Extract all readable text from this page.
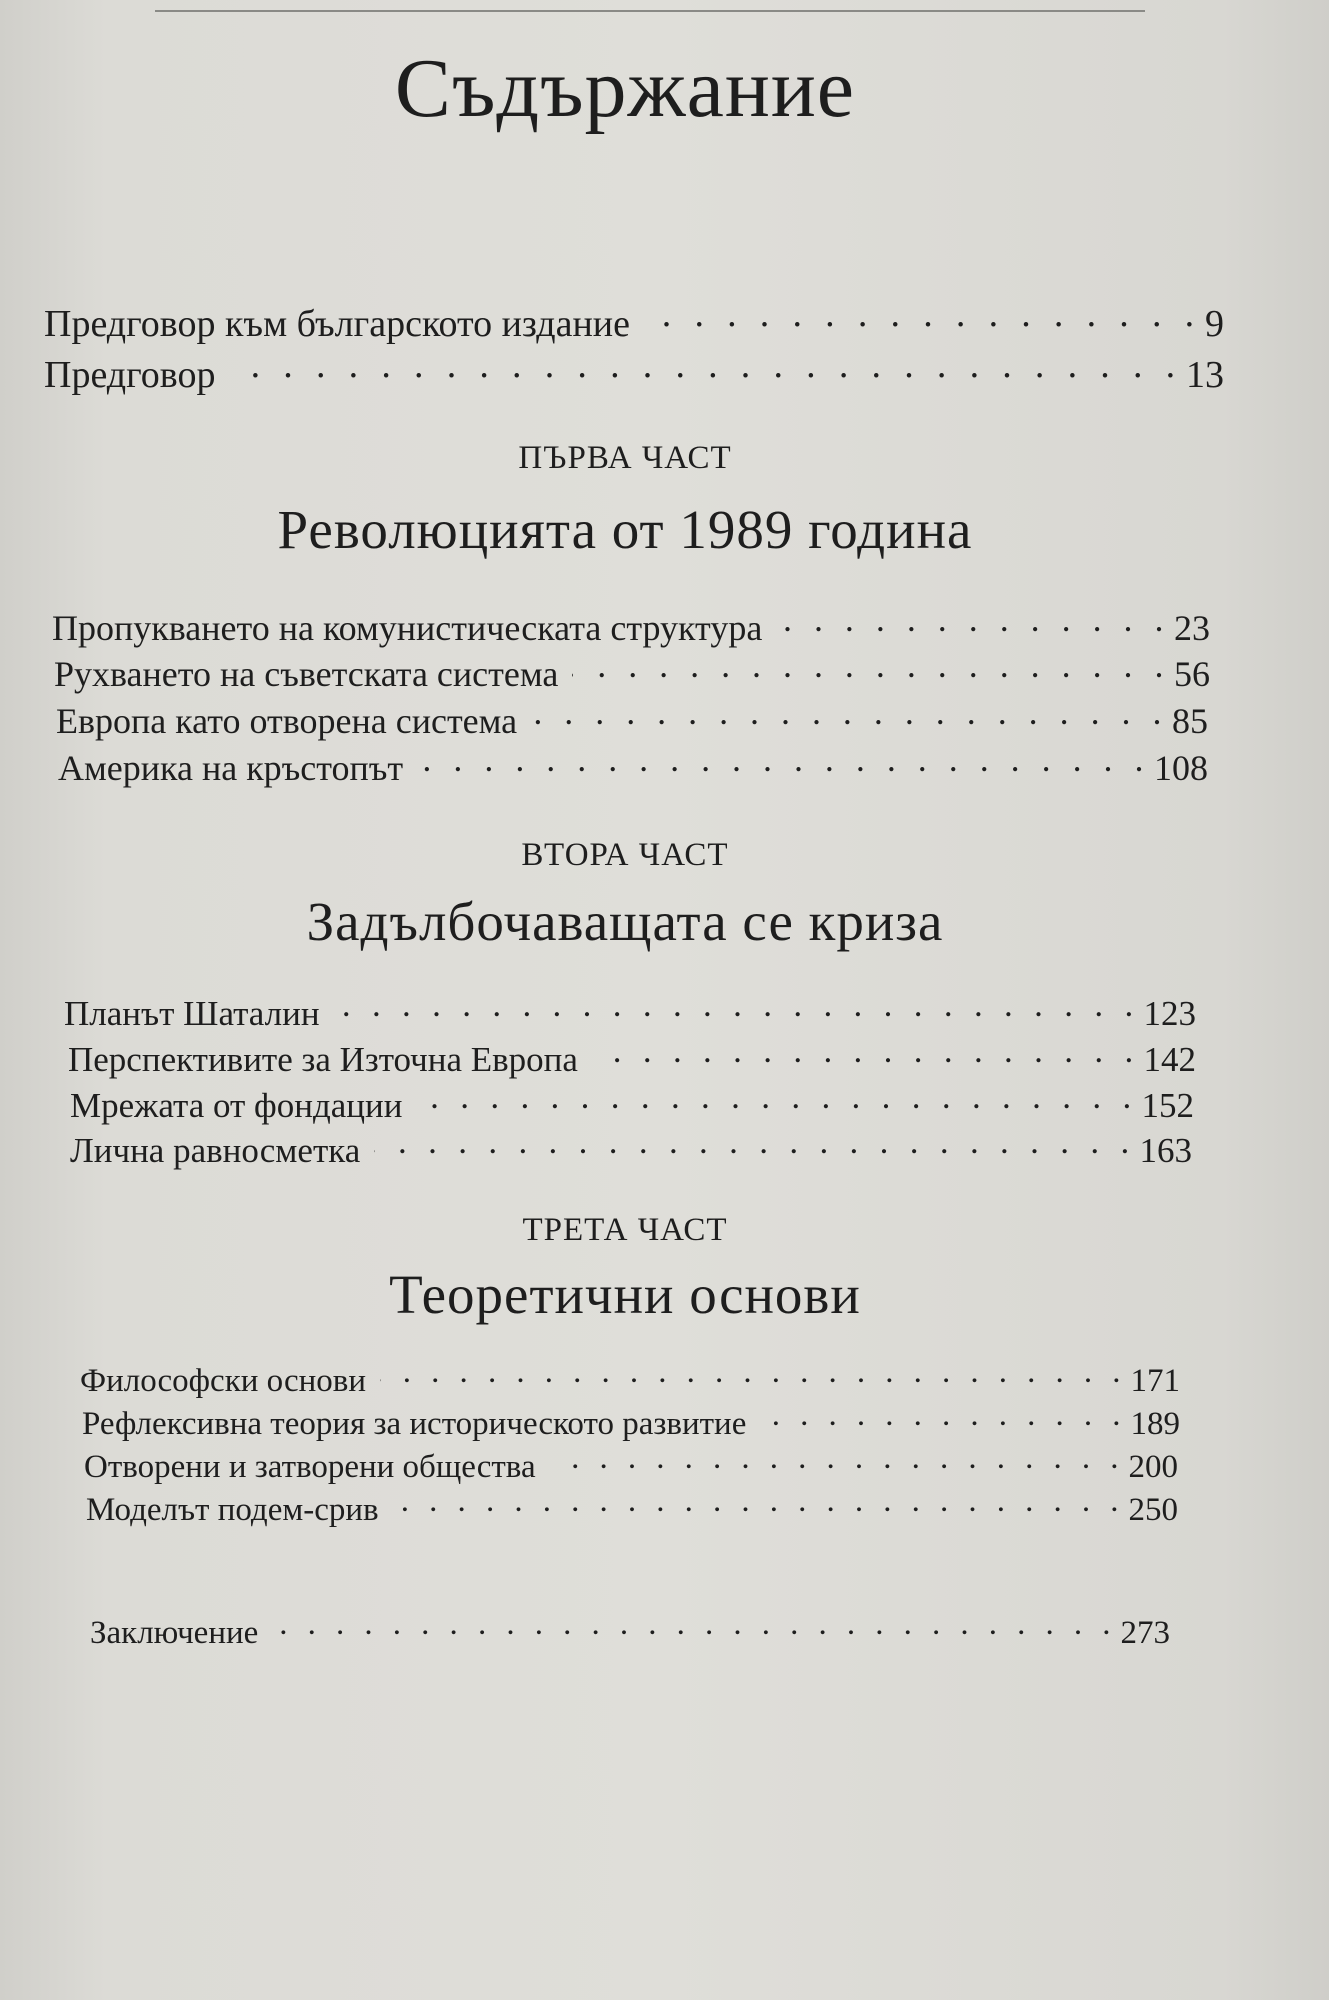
Съдържание
Предговор към българското издание . . .	9
Предговор . . .	13
ПЪРВА ЧАСТ
Революцията от 1989 година
Пропукването на комунистическата структура . . .	23
Рухването на съветската система . . .	56
Европа като отворена система . . .	85
Америка на кръстопът . . .	108
ВТОРА ЧАСТ
Задълбочаващата се криза
Планът Шаталин . . .	123
Перспективите за Източна Европа . . .	142
Мрежата от фондации . . .	152
Лична равносметка . . .	163
ТРЕТА ЧАСТ
Теоретични основи
Философски основи . . .	171
Рефлексивна теория за историческото развитие . . .	189
Отворени и затворени общества . . .	200
Моделът подем-срив . . .	250
Заключение . . .	273
